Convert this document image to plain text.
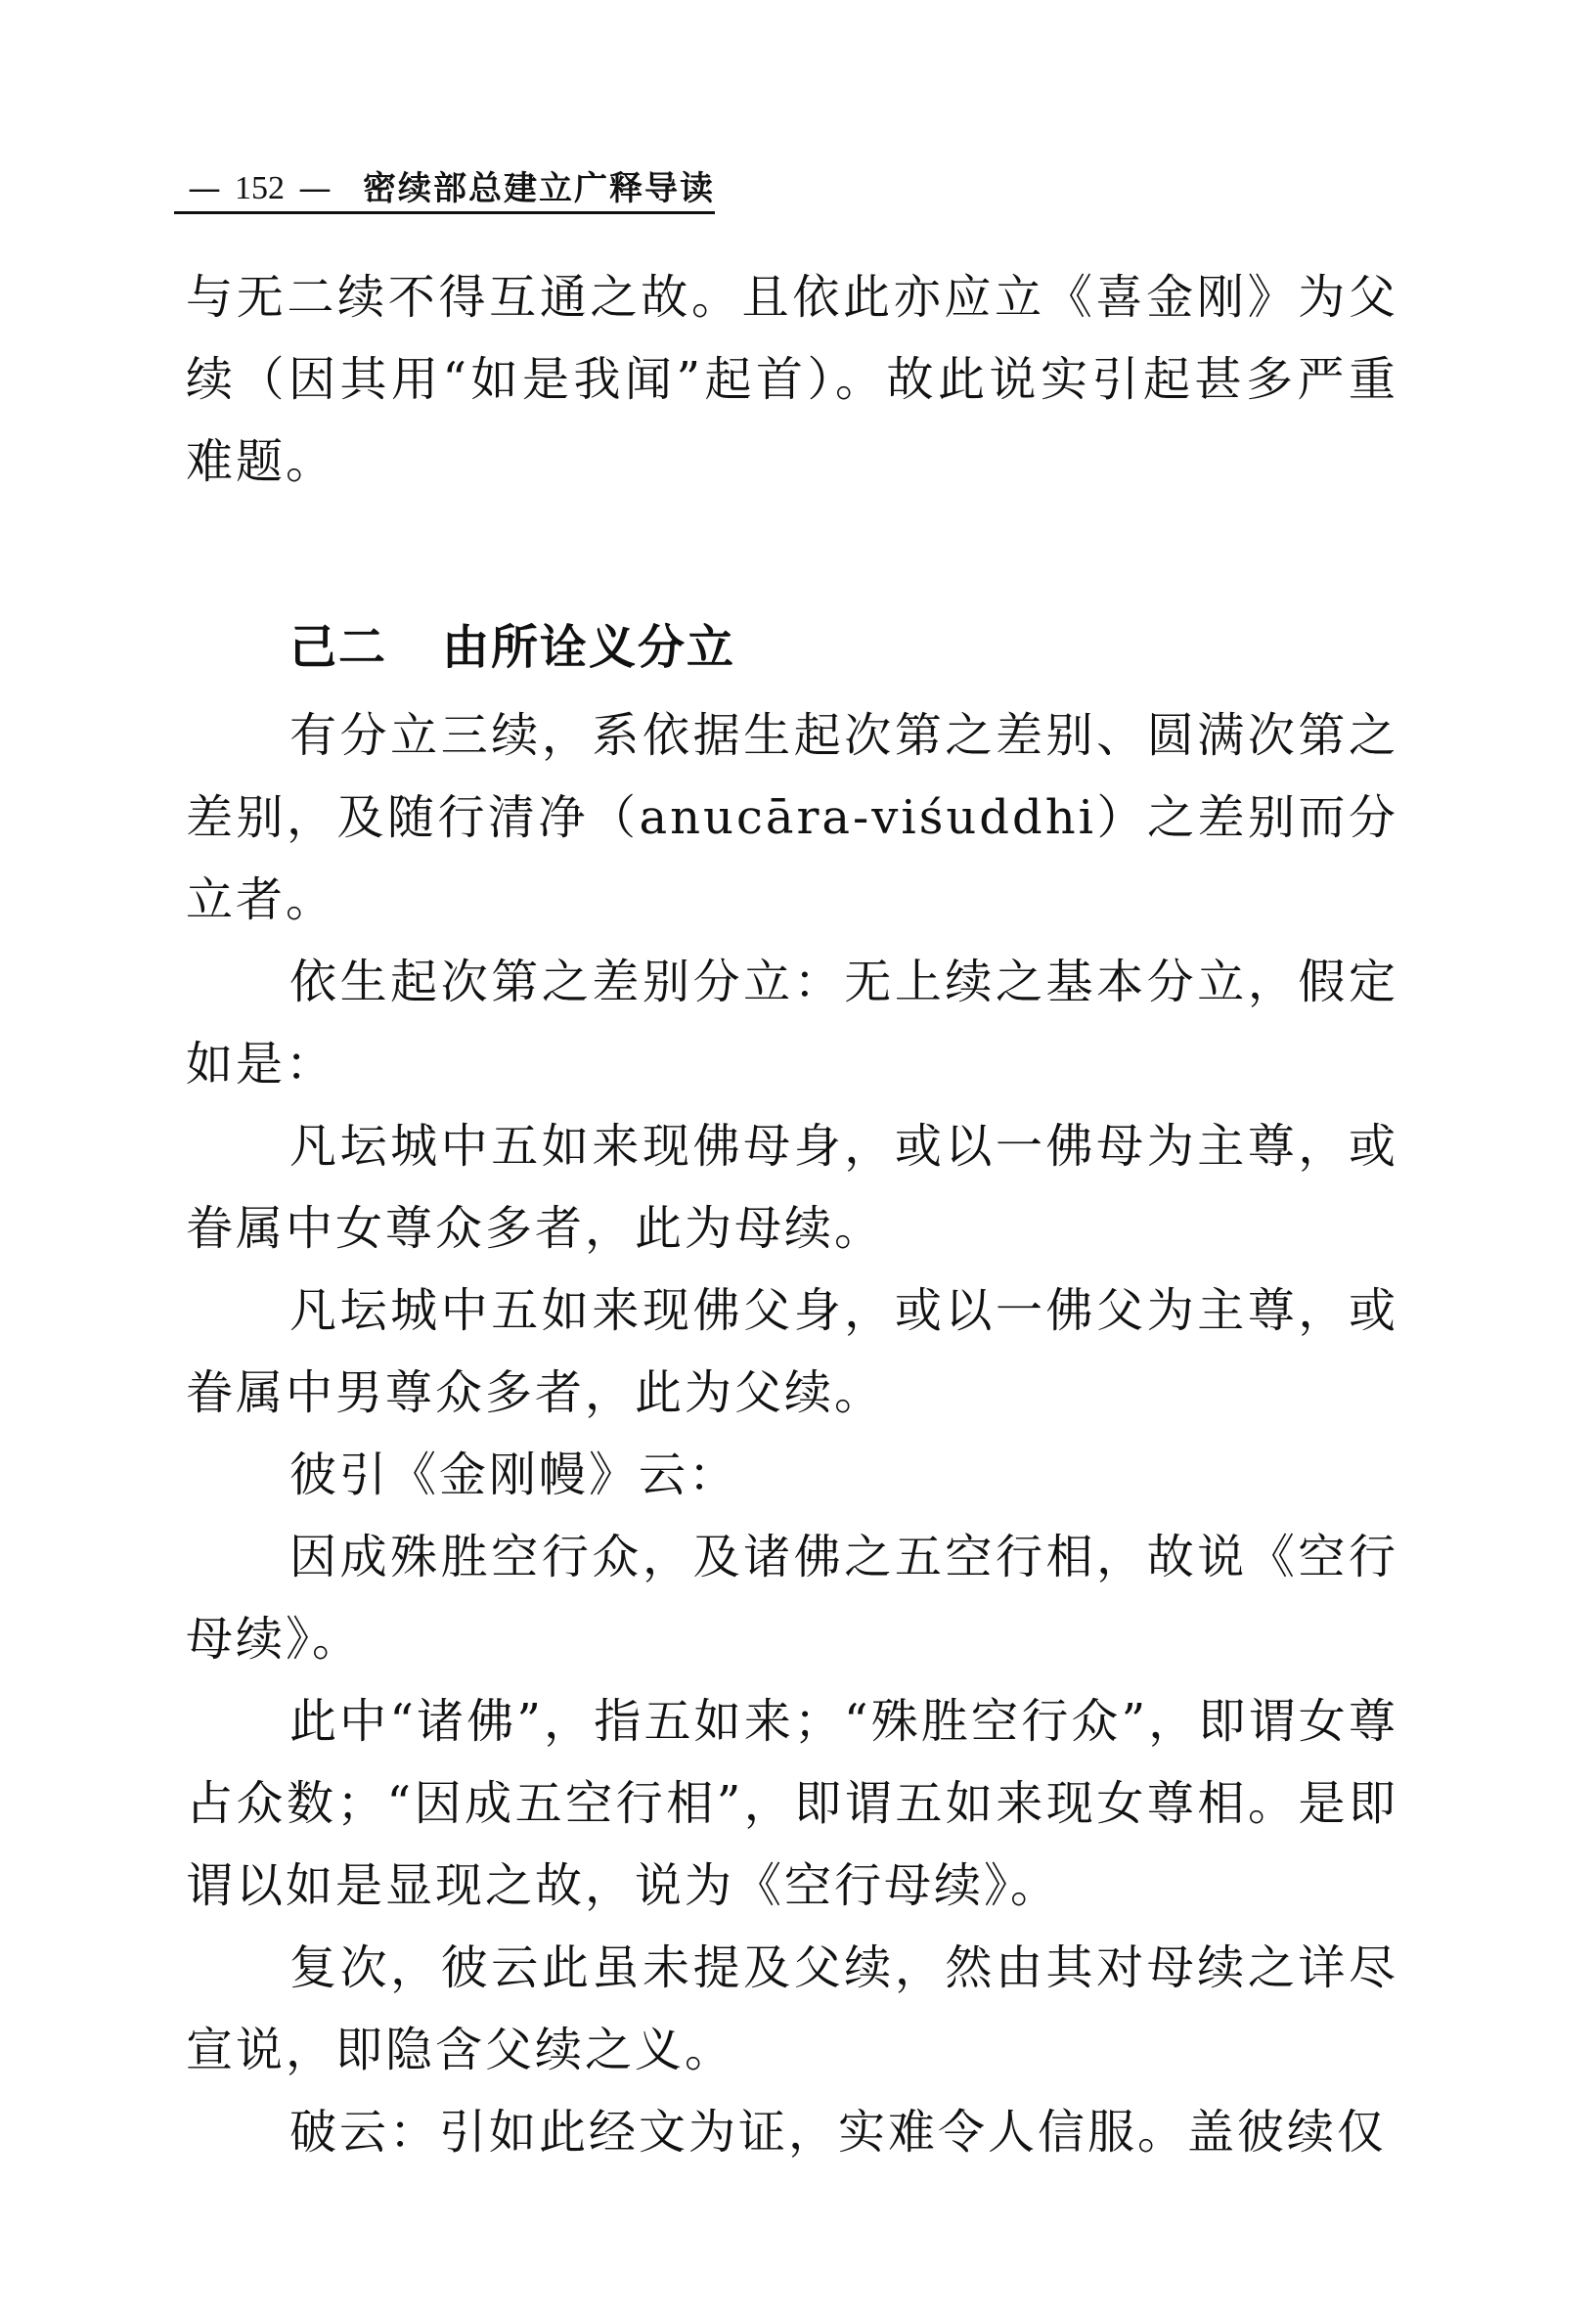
— 152 — 密续部总建立广释导读

与无二续不得互通之故。且依此亦应立《喜金刚》为父续（因其用“如是我闻”起首）。故此说实引起甚多严重难题。

己二 由所诠义分立

有分立三续，系依据生起次第之差别、圆满次第之差别，及随行清净（anucāra-viśuddhi）之差别而分立者。

依生起次第之差别分立：无上续之基本分立，假定如是：

凡坛城中五如来现佛母身，或以一佛母为主尊，或眷属中女尊众多者，此为母续。

凡坛城中五如来现佛父身，或以一佛父为主尊，或眷属中男尊众多者，此为父续。

彼引《金刚幔》云：

因成殊胜空行众，及诸佛之五空行相，故说《空行母续》。

此中“诸佛”，指五如来；“殊胜空行众”，即谓女尊占众数；“因成五空行相”，即谓五如来现女尊相。是即谓以如是显现之故，说为《空行母续》。

复次，彼云此虽未提及父续，然由其对母续之详尽宣说，即隐含父续之义。

破云：引如此经文为证，实难令人信服。盖彼续仅
